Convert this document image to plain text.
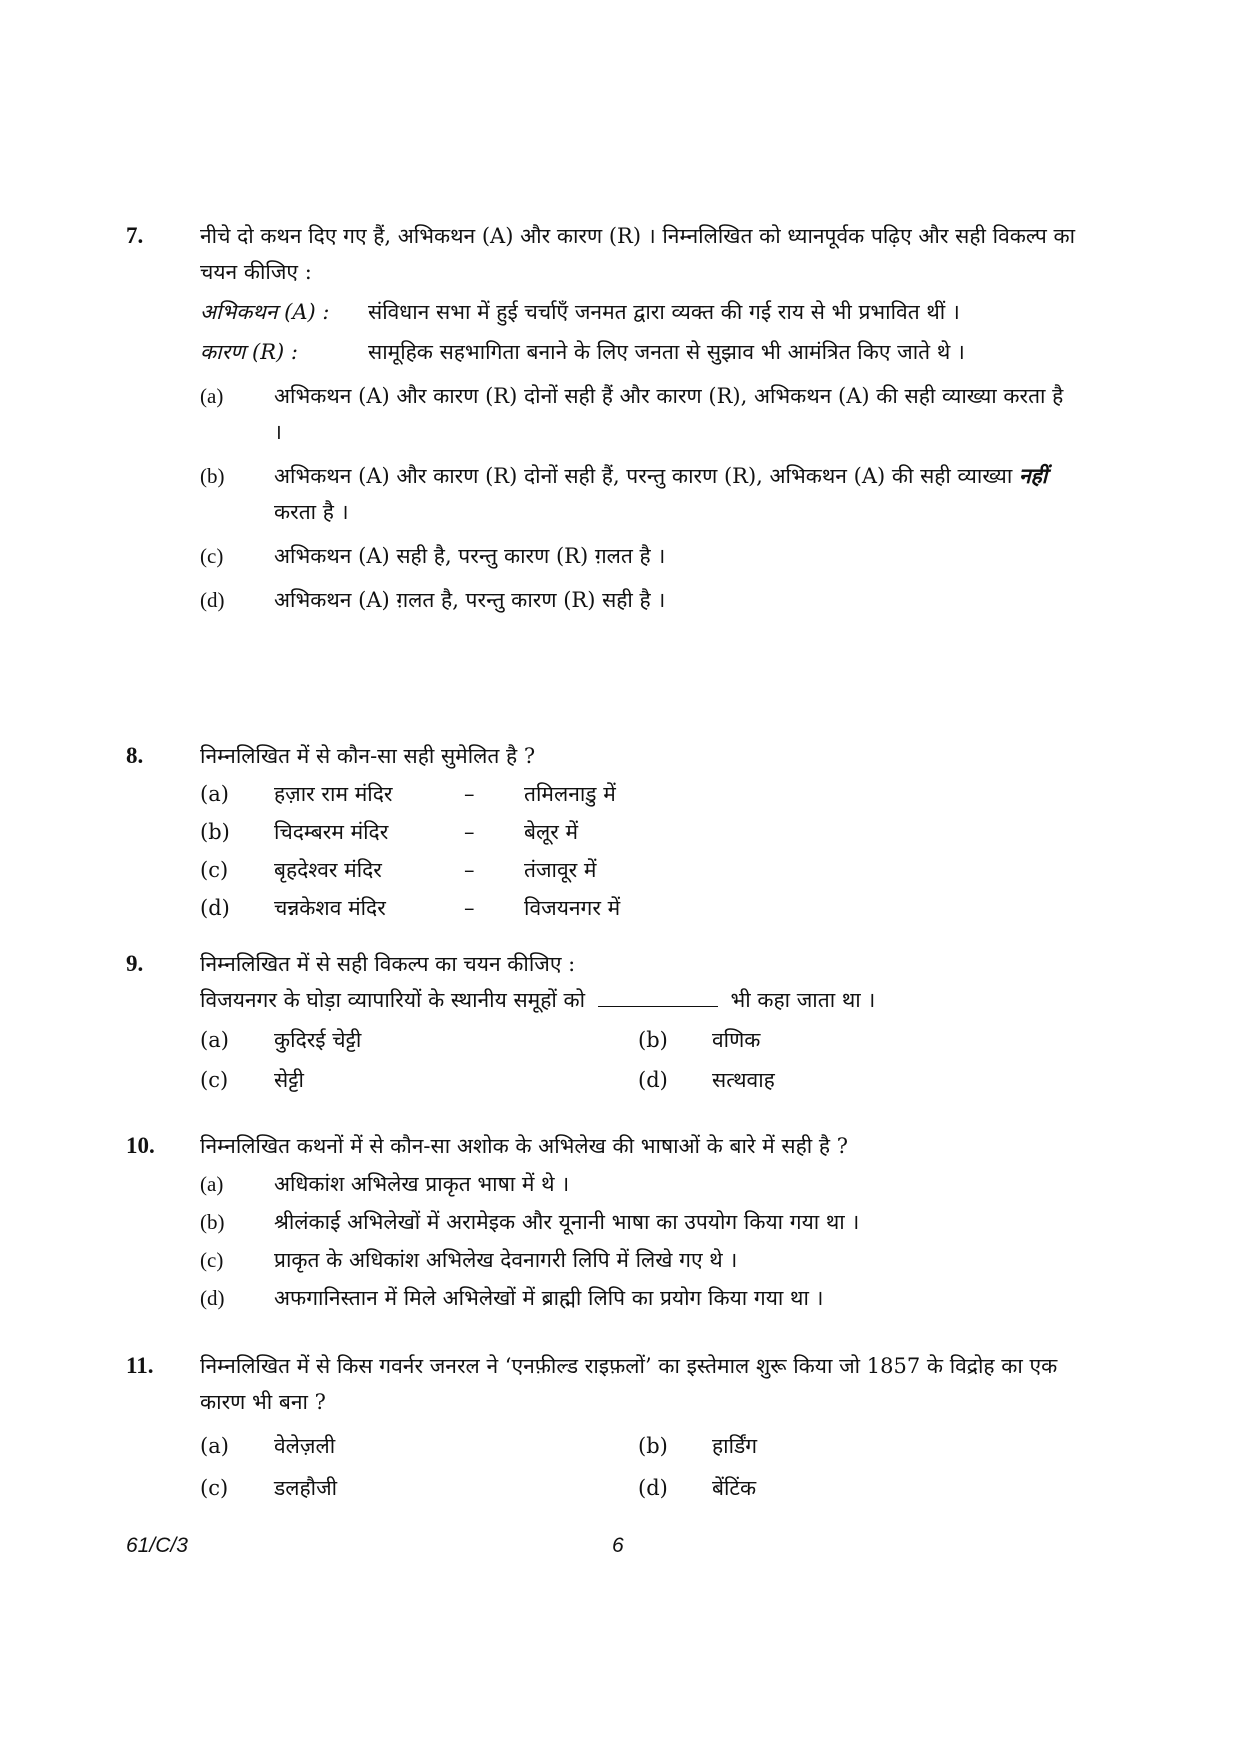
7.	नीचे दो कथन दिए गए हैं, अभिकथन (A) और कारण (R) । निम्नलिखित को ध्यानपूर्वक पढ़िए और सही विकल्प का चयन कीजिए :
अभिकथन (A) :	संविधान सभा में हुई चर्चाएँ जनमत द्वारा व्यक्त की गई राय से भी प्रभावित थीं ।
कारण (R) :	सामूहिक सहभागिता बनाने के लिए जनता से सुझाव भी आमंत्रित किए जाते थे ।
(a)	अभिकथन (A) और कारण (R) दोनों सही हैं और कारण (R), अभिकथन (A) की सही व्याख्या करता है ।
(b)	अभिकथन (A) और कारण (R) दोनों सही हैं, परन्तु कारण (R), अभिकथन (A) की सही व्याख्या नहीं करता है ।
(c)	अभिकथन (A) सही है, परन्तु कारण (R) ग़लत है ।
(d)	अभिकथन (A) ग़लत है, परन्तु कारण (R) सही है ।
8.	निम्नलिखित में से कौन-सा सही सुमेलित है ?
(a)	हज़ार राम मंदिर	–	तमिलनाडु में
(b)	चिदम्बरम मंदिर	–	बेलूर में
(c)	बृहदेश्वर मंदिर	–	तंजावूर में
(d)	चन्नकेशव मंदिर	–	विजयनगर में
9.	निम्नलिखित में से सही विकल्प का चयन कीजिए :
विजयनगर के घोड़ा व्यापारियों के स्थानीय समूहों को	भी कहा जाता था ।
(a)	कुदिरई चेट्टी	(b)	वणिक
(c)	सेट्टी	(d)	सत्थवाह
10. निम्नलिखित कथनों में से कौन-सा अशोक के अभिलेख की भाषाओं के बारे में सही है ?
(a)	अधिकांश अभिलेख प्राकृत भाषा में थे ।
(b)	श्रीलंकाई अभिलेखों में अरामेइक और यूनानी भाषा का उपयोग किया गया था ।
(c)	प्राकृत के अधिकांश अभिलेख देवनागरी लिपि में लिखे गए थे ।
(d)	अफगानिस्तान में मिले अभिलेखों में ब्राह्मी लिपि का प्रयोग किया गया था ।
11. निम्नलिखित में से किस गवर्नर जनरल ने ‘एनफ़ील्ड राइफ़लों’ का इस्तेमाल शुरू किया जो 1857 के विद्रोह का एक कारण भी बना ?
(a)	वेलेज़ली	(b)	हार्डिंग
(c)	डलहौजी	(d)	बेंटिंक
61/C/3	6
